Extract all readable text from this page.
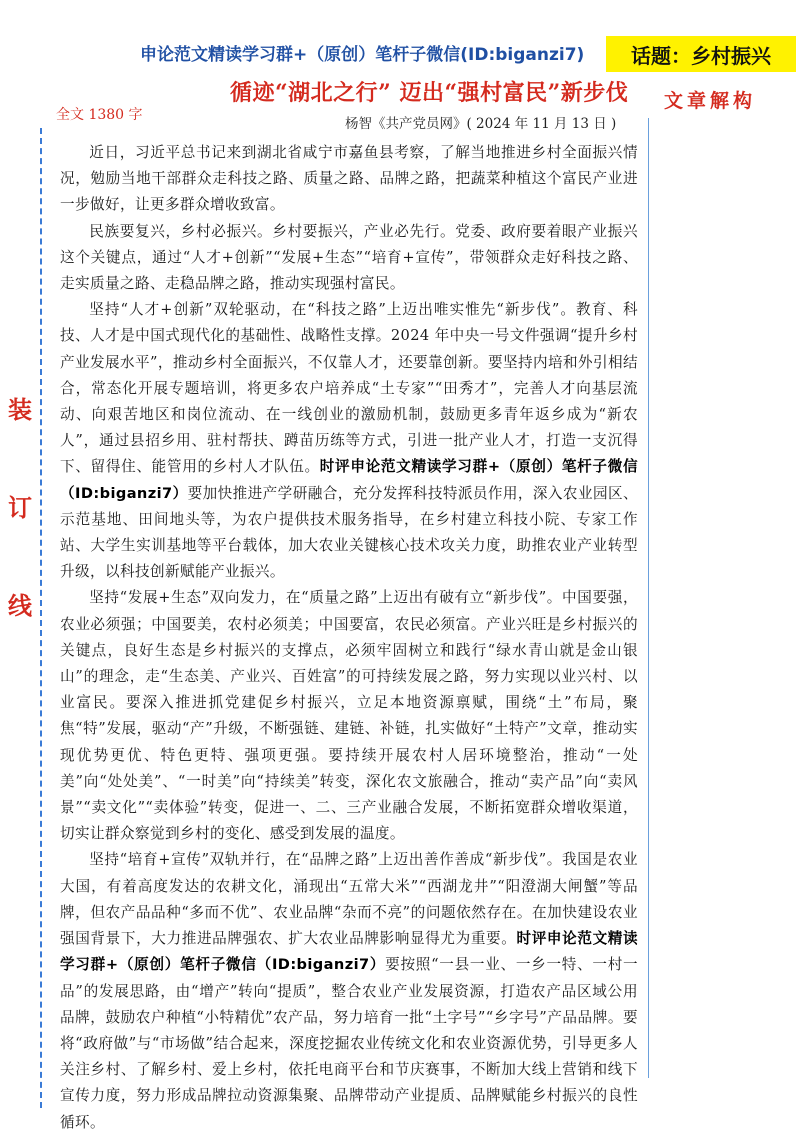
申论范文精读学习群+（原创）笔杆子微信(ID:biganzi7)	话题：乡村振兴
循迹“湖北之行” 迈出“强村富民”新步伐 文章解构
全文 1380 字
杨智《共产党员网》( 2024 年 11 月 13 日 )
装
订
线

近日，习近平总书记来到湖北省咸宁市嘉鱼县考察，了解当地推进乡村全面振兴情况，勉励当地干部群众走科技之路、质量之路、品牌之路，把蔬菜种植这个富民产业进一步做好，让更多群众增收致富。

民族要复兴，乡村必振兴。乡村要振兴，产业必先行。党委、政府要着眼产业振兴这个关键点，通过“人才+创新”“发展+生态”“培育+宣传”，带领群众走好科技之路、走实质量之路、走稳品牌之路，推动实现强村富民。

坚持“人才+创新”双轮驱动，在“科技之路”上迈出唯实惟先“新步伐”。教育、科技、人才是中国式现代化的基础性、战略性支撑。2024 年中央一号文件强调“提升乡村产业发展水平”，推动乡村全面振兴，不仅靠人才，还要靠创新。要坚持内培和外引相结合，常态化开展专题培训，将更多农户培养成“土专家”“田秀才”，完善人才向基层流动、向艰苦地区和岗位流动、在一线创业的激励机制，鼓励更多青年返乡成为“新农人”，通过县招乡用、驻村帮扶、蹲苗历练等方式，引进一批产业人才，打造一支沉得下、留得住、能管用的乡村人才队伍。时评申论范文精读学习群+（原创）笔杆子微信（ID:biganzi7）要加快推进产学研融合，充分发挥科技特派员作用，深入农业园区、示范基地、田间地头等，为农户提供技术服务指导，在乡村建立科技小院、专家工作站、大学生实训基地等平台载体，加大农业关键核心技术攻关力度，助推农业产业转型升级，以科技创新赋能产业振兴。

坚持“发展+生态”双向发力，在“质量之路”上迈出有破有立“新步伐”。中国要强，农业必须强；中国要美，农村必须美；中国要富，农民必须富。产业兴旺是乡村振兴的关键点，良好生态是乡村振兴的支撑点，必须牢固树立和践行“绿水青山就是金山银山”的理念，走“生态美、产业兴、百姓富”的可持续发展之路，努力实现以业兴村、以业富民。要深入推进抓党建促乡村振兴，立足本地资源禀赋，围绕“土”布局，聚焦“特”发展，驱动“产”升级，不断强链、建链、补链，扎实做好“土特产”文章，推动实现优势更优、特色更特、强项更强。要持续开展农村人居环境整治，推动“一处美”向“处处美”、“一时美”向“持续美”转变，深化农文旅融合，推动“卖产品”向“卖风景”“卖文化”“卖体验”转变，促进一、二、三产业融合发展，不断拓宽群众增收渠道，切实让群众察觉到乡村的变化、感受到发展的温度。

坚持“培育+宣传”双轨并行，在“品牌之路”上迈出善作善成“新步伐”。我国是农业大国，有着高度发达的农耕文化，涌现出“五常大米”“西湖龙井”“阳澄湖大闸蟹”等品牌，但农产品品种“多而不优”、农业品牌“杂而不亮”的问题依然存在。在加快建设农业强国背景下，大力推进品牌强农、扩大农业品牌影响显得尤为重要。时评申论范文精读学习群+（原创）笔杆子微信（ID:biganzi7）要按照“一县一业、一乡一特、一村一品”的发展思路，由“增产”转向“提质”，整合农业产业发展资源，打造农产品区域公用品牌，鼓励农户种植“小特精优”农产品，努力培育一批“土字号”“乡字号”产品品牌。要将“政府做”与“市场做”结合起来，深度挖掘农业传统文化和农业资源优势，引导更多人关注乡村、了解乡村、爱上乡村，依托电商平台和节庆赛事，不断加大线上营销和线下宣传力度，努力形成品牌拉动资源集聚、品牌带动产业提质、品牌赋能乡村振兴的良性循环。
